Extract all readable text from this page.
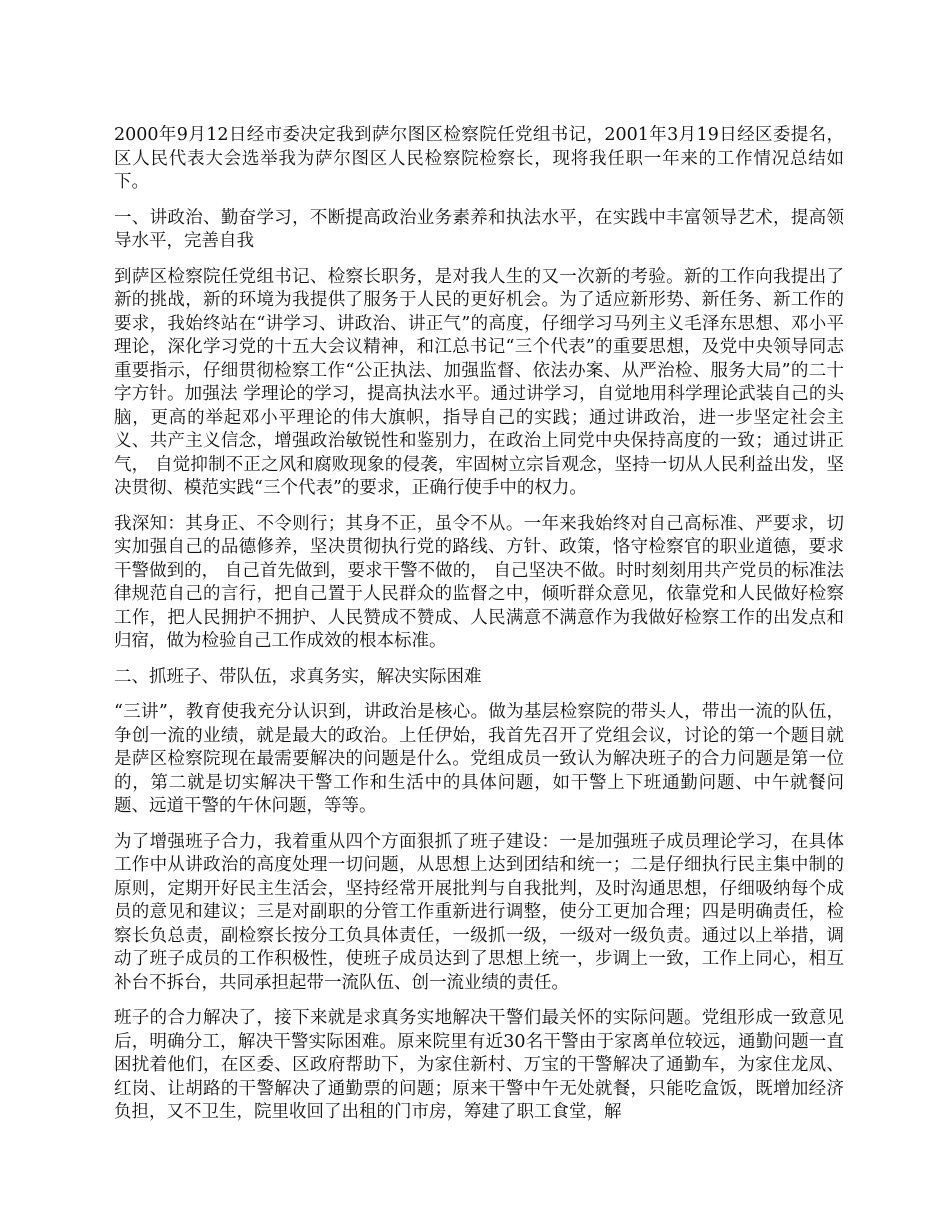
2000年9月12日经市委决定我到萨尔图区检察院任党组书记，2001年3月19日经区委提名，区人民代表大会选举我为萨尔图区人民检察院检察长，现将我任职一年来的工作情况总结如下。

一、讲政治、勤奋学习，不断提高政治业务素养和执法水平，在实践中丰富领导艺术，提高领导水平，完善自我

到萨区检察院任党组书记、检察长职务，是对我人生的又一次新的考验。新的工作向我提出了新的挑战，新的环境为我提供了服务于人民的更好机会。为了适应新形势、新任务、新工作的要求，我始终站在“讲学习、讲政治、讲正气”的高度，仔细学习马列主义毛泽东思想、邓小平理论，深化学习党的十五大会议精神，和江总书记“三个代表”的重要思想，及党中央领导同志重要指示，仔细贯彻检察工作“公正执法、加强监督、依法办案、从严治检、服务大局”的二十字方针。加强法 学理论的学习，提高执法水平。通过讲学习，自觉地用科学理论武装自己的头脑，更高的举起邓小平理论的伟大旗帜，指导自己的实践；通过讲政治，进一步坚定社会主义、共产主义信念，增强政治敏锐性和鉴别力，在政治上同党中央保持高度的一致；通过讲正气， 自觉抑制不正之风和腐败现象的侵袭，牢固树立宗旨观念，坚持一切从人民利益出发，坚决贯彻、模范实践“三个代表”的要求，正确行使手中的权力。

我深知：其身正、不令则行；其身不正，虽令不从。一年来我始终对自己高标准、严要求，切实加强自己的品德修养，坚决贯彻执行党的路线、方针、政策，恪守检察官的职业道德，要求干警做到的， 自己首先做到，要求干警不做的， 自己坚决不做。时时刻刻用共产党员的标准法律规范自己的言行，把自己置于人民群众的监督之中，倾听群众意见，依靠党和人民做好检察工作，把人民拥护不拥护、人民赞成不赞成、人民满意不满意作为我做好检察工作的出发点和归宿，做为检验自己工作成效的根本标准。

二、抓班子、带队伍，求真务实，解决实际困难

“三讲”，教育使我充分认识到，讲政治是核心。做为基层检察院的带头人，带出一流的队伍，争创一流的业绩，就是最大的政治。上任伊始，我首先召开了党组会议，讨论的第一个题目就是萨区检察院现在最需要解决的问题是什么。党组成员一致认为解决班子的合力问题是第一位的，第二就是切实解决干警工作和生活中的具体问题，如干警上下班通勤问题、中午就餐问题、远道干警的午休问题，等等。

为了增强班子合力，我着重从四个方面狠抓了班子建设：一是加强班子成员理论学习，在具体工作中从讲政治的高度处理一切问题，从思想上达到团结和统一；二是仔细执行民主集中制的原则，定期开好民主生活会，坚持经常开展批判与自我批判，及时沟通思想，仔细吸纳每个成员的意见和建议；三是对副职的分管工作重新进行调整，使分工更加合理；四是明确责任，检察长负总责，副检察长按分工负具体责任，一级抓一级，一级对一级负责。通过以上举措，调动了班子成员的工作积极性，使班子成员达到了思想上统一，步调上一致，工作上同心，相互补台不拆台，共同承担起带一流队伍、创一流业绩的责任。

班子的合力解决了，接下来就是求真务实地解决干警们最关怀的实际问题。党组形成一致意见后，明确分工，解决干警实际困难。原来院里有近30名干警由于家离单位较远，通勤问题一直困扰着他们，在区委、区政府帮助下，为家住新村、万宝的干警解决了通勤车，为家住龙凤、红岗、让胡路的干警解决了通勤票的问题；原来干警中午无处就餐，只能吃盒饭，既增加经济负担，又不卫生，院里收回了出租的门市房，筹建了职工食堂，解
